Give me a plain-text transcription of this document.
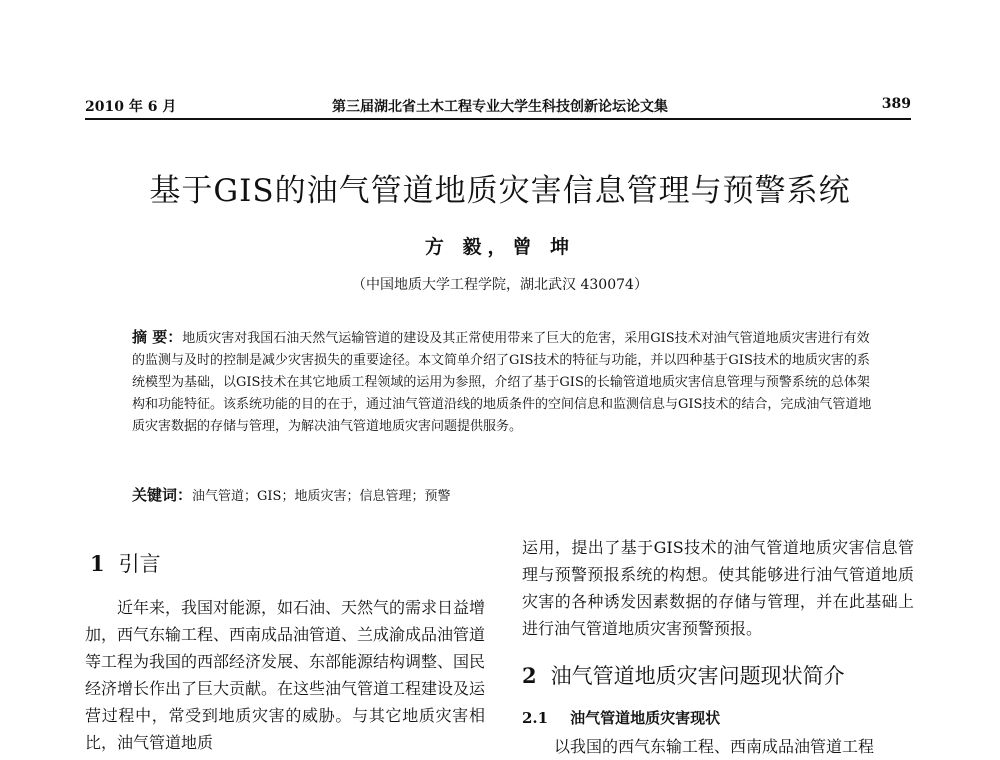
2010 年 6 月	第三届湖北省土木工程专业大学生科技创新论坛论文集	389
基于GIS的油气管道地质灾害信息管理与预警系统
方 毅，曾 坤
（中国地质大学工程学院，湖北武汉 430074）
摘 要：地质灾害对我国石油天然气运输管道的建设及其正常使用带来了巨大的危害，采用GIS技术对油气管道地质灾害进行有效的监测与及时的控制是减少灾害损失的重要途径。本文简单介绍了GIS技术的特征与功能，并以四种基于GIS技术的地质灾害的系统模型为基础，以GIS技术在其它地质工程领域的运用为参照，介绍了基于GIS的长输管道地质灾害信息管理与预警系统的总体架构和功能特征。该系统功能的目的在于，通过油气管道沿线的地质条件的空间信息和监测信息与GIS技术的结合，完成油气管道地质灾害数据的存储与管理，为解决油气管道地质灾害问题提供服务。
关键词：油气管道；GIS；地质灾害；信息管理；预警
1 引言

近年来，我国对能源，如石油、天然气的需求日益增加，西气东输工程、西南成品油管道、兰成渝成品油管道等工程为我国的西部经济发展、东部能源结构调整、国民经济增长作出了巨大贡献。在这些油气管道工程建设及运营过程中，常受到地质灾害的威胁。与其它地质灾害相比，油气管道地质

运用，提出了基于GIS技术的油气管道地质灾害信息管理与预警预报系统的构想。使其能够进行油气管道地质灾害的各种诱发因素数据的存储与管理，并在此基础上进行油气管道地质灾害预警预报。

2 油气管道地质灾害问题现状简介
2.1 油气管道地质灾害现状

以我国的西气东输工程、西南成品油管道工程
